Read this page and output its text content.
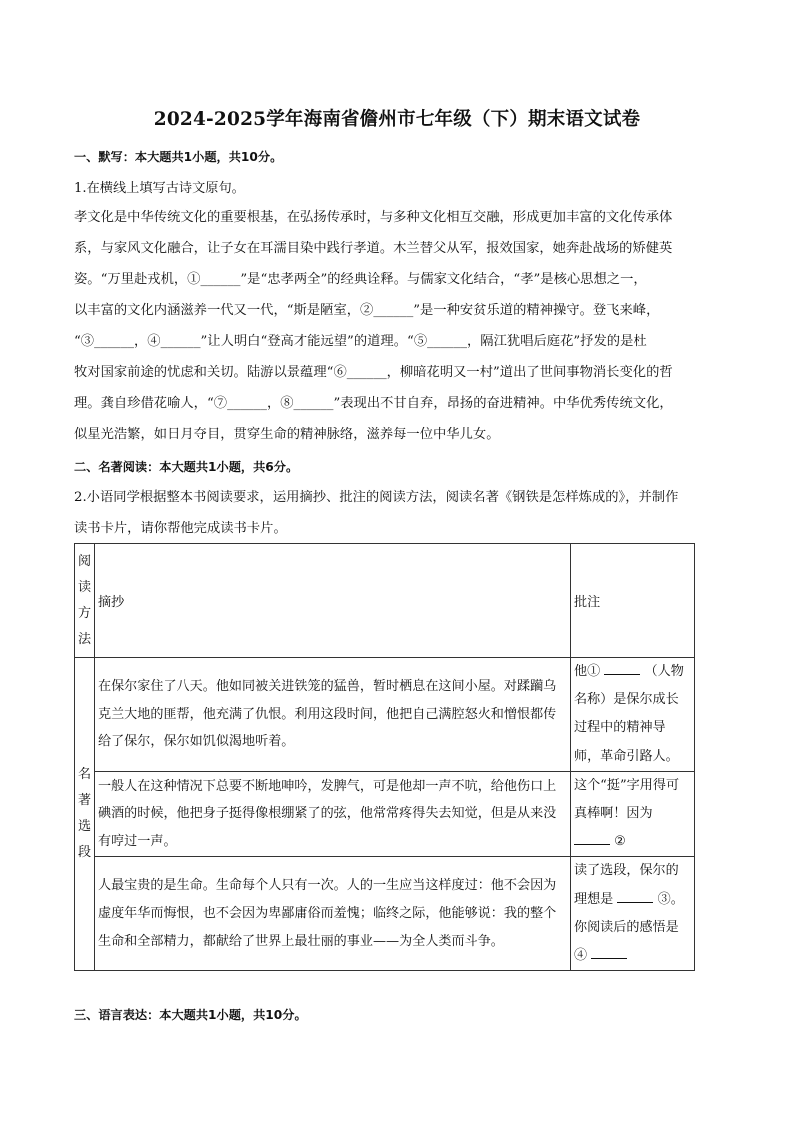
2024-2025学年海南省儋州市七年级（下）期末语文试卷
一、默写：本大题共1小题，共10分。
1.在横线上填写古诗文原句。
孝文化是中华传统文化的重要根基，在弘扬传承时，与多种文化相互交融，形成更加丰富的文化传承体
系，与家风文化融合，让子女在耳濡目染中践行孝道。木兰替父从军，报效国家，她奔赴战场的矫健英
姿。“万里赴戎机，①______”是“忠孝两全”的经典诠释。与儒家文化结合，“孝”是核心思想之一，
以丰富的文化内涵滋养一代又一代，“斯是陋室，②______”是一种安贫乐道的精神操守。登飞来峰，
“③______，④______”让人明白“登高才能远望”的道理。“⑤______，隔江犹唱后庭花”抒发的是杜
牧对国家前途的忧虑和关切。陆游以景蕴理“⑥______，柳暗花明又一村”道出了世间事物消长变化的哲
理。龚自珍借花喻人，“⑦______，⑧______”表现出不甘自弃，昂扬的奋进精神。中华优秀传统文化，
似星光浩繁，如日月夺目，贯穿生命的精神脉络，滋养每一位中华儿女。
二、名著阅读：本大题共1小题，共6分。
2.小语同学根据整本书阅读要求，运用摘抄、批注的阅读方法，阅读名著《钢铁是怎样炼成的》，并制作
读书卡片，请你帮他完成读书卡片。
阅读方法	摘抄	批注
名著选段	在保尔家住了八天。他如同被关进铁笼的猛兽，暂时栖息在这间小屋。对蹂躏乌克兰大地的匪帮，他充满了仇恨。利用这段时间，他把自己满腔怒火和憎恨都传给了保尔，保尔如饥似渴地听着。	他① （人物名称）是保尔成长过程中的精神导师，革命引路人。
	一般人在这种情况下总要不断地呻吟，发脾气，可是他却一声不吭，给他伤口上碘酒的时候，他把身子挺得像根绷紧了的弦，他常常疼得失去知觉，但是从来没有哼过一声。	这个“挺”字用得可真棒啊！因为  ②
	人最宝贵的是生命。生命每个人只有一次。人的一生应当这样度过：他不会因为虚度年华而悔恨，也不会因为卑鄙庸俗而羞愧；临终之际，他能够说：我的整个生命和全部精力，都献给了世界上最壮丽的事业——为全人类而斗争。	读了选段，保尔的理想是 ③。你阅读后的感悟是④
三、语言表达：本大题共1小题，共10分。
